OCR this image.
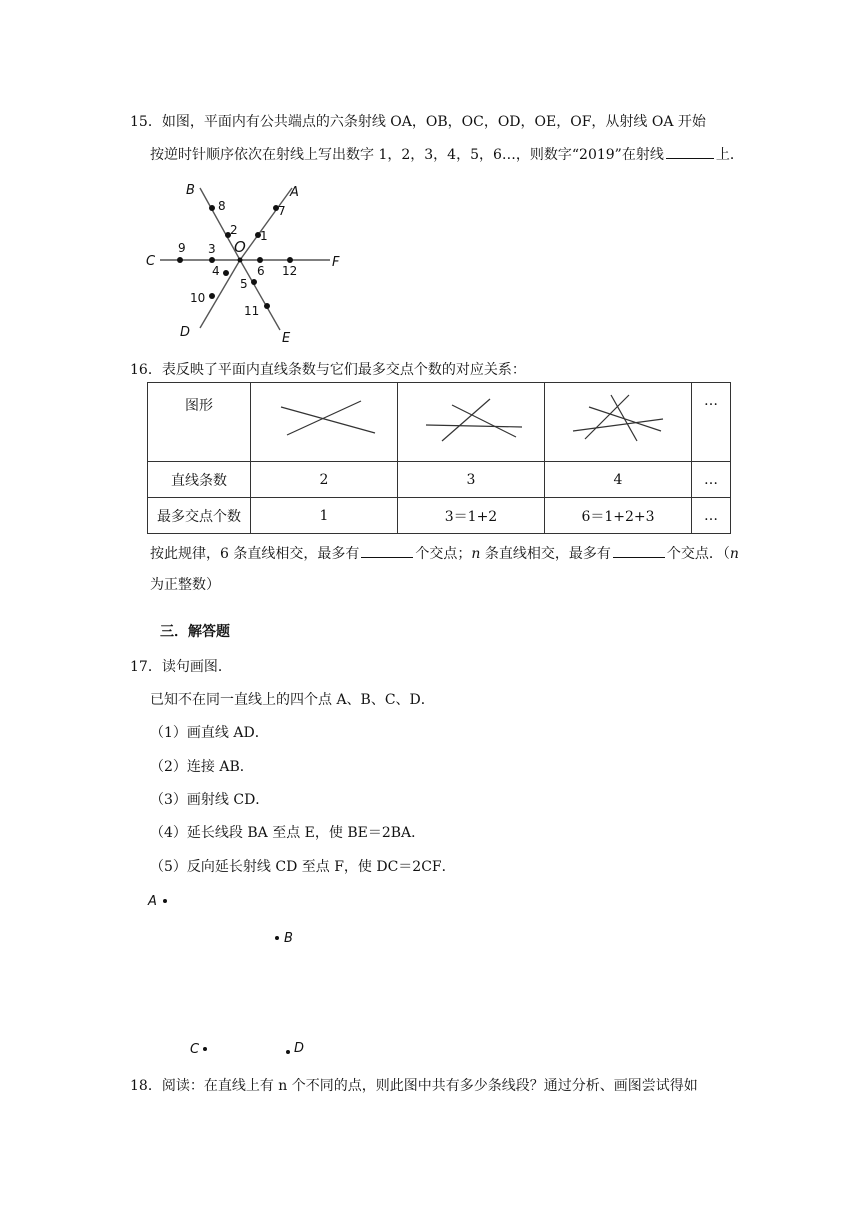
15．如图，平面内有公共端点的六条射线 OA，OB，OC，OD，OE，OF，从射线 OA 开始
按逆时针顺序依次在射线上写出数字 1，2，3，4，5，6…，则数字“2019”在射线	上．
A
B
C
D	E
F
O
1
2
3
4
5
6
7
8
9
10
11
12
16．表反映了平面内直线条数与它们最多交点个数的对应关系：
图形				…
直线条数	2	3	4	…
最多交点个数	1	3＝1+2	6＝1+2+3	…
按此规律，6 条直线相交，最多有	个交点；n 条直线相交，最多有	个交点．（n
为正整数）
三．解答题
17．读句画图．
已知不在同一直线上的四个点 A、B、C、D．
（1）画直线 AD．
（2）连接 AB．
（3）画射线 CD．
（4）延长线段 BA 至点 E，使 BE＝2BA．
（5）反向延长射线 CD 至点 F，使 DC＝2CF．
A
B
C	D
18．阅读：在直线上有 n 个不同的点，则此图中共有多少条线段？通过分析、画图尝试得如
